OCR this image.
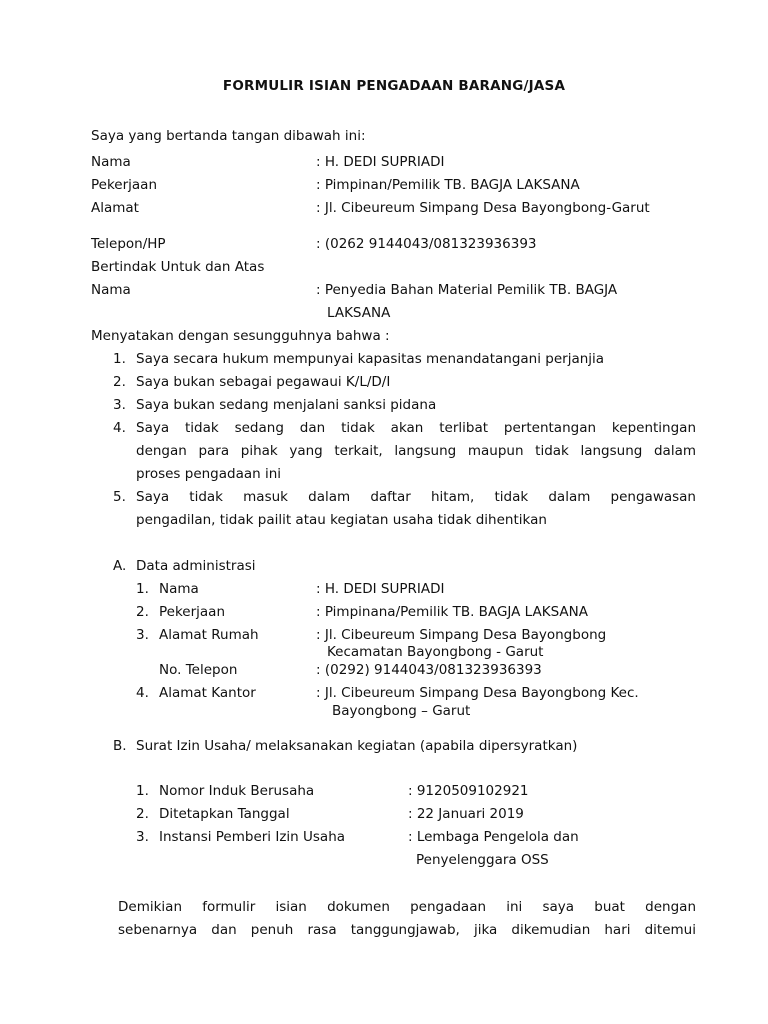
FORMULIR ISIAN PENGADAAN BARANG/JASA
Saya yang bertanda tangan dibawah ini:
Nama	: H. DEDI SUPRIADI
Pekerjaan	: Pimpinan/Pemilik TB. BAGJA LAKSANA
Alamat	: Jl. Cibeureum Simpang Desa Bayongbong-Garut
Telepon/HP	: (0262 9144043/081323936393
Bertindak Untuk dan Atas
Nama	: Penyedia Bahan Material Pemilik TB. BAGJA
LAKSANA
Menyatakan dengan sesungguhnya bahwa :
1. Saya secara hukum mempunyai kapasitas menandatangani perjanjia
2. Saya bukan sebagai pegawaui K/L/D/I
3. Saya bukan sedang menjalani sanksi pidana
4. Saya tidak sedang dan tidak akan terlibat pertentangan kepentingan
dengan para pihak yang terkait, langsung maupun tidak langsung dalam
proses pengadaan ini
5. Saya tidak masuk dalam daftar hitam, tidak dalam pengawasan
pengadilan, tidak pailit atau kegiatan usaha tidak dihentikan
A. Data administrasi
1. Nama	: H. DEDI SUPRIADI
2. Pekerjaan	: Pimpinana/Pemilik TB. BAGJA LAKSANA
3. Alamat Rumah	: Jl. Cibeureum Simpang Desa Bayongbong
Kecamatan Bayongbong - Garut
No. Telepon	: (0292) 9144043/081323936393
4. Alamat Kantor	: Jl. Cibeureum Simpang Desa Bayongbong Kec.
Bayongbong – Garut
B. Surat Izin Usaha/ melaksanakan kegiatan (apabila dipersyratkan)
1. Nomor Induk Berusaha	: 9120509102921
2. Ditetapkan Tanggal	: 22 Januari 2019
3. Instansi Pemberi Izin Usaha	: Lembaga Pengelola dan
Penyelenggara OSS
Demikian formulir isian dokumen pengadaan ini saya buat dengan
sebenarnya dan penuh rasa tanggungjawab, jika dikemudian hari ditemui
